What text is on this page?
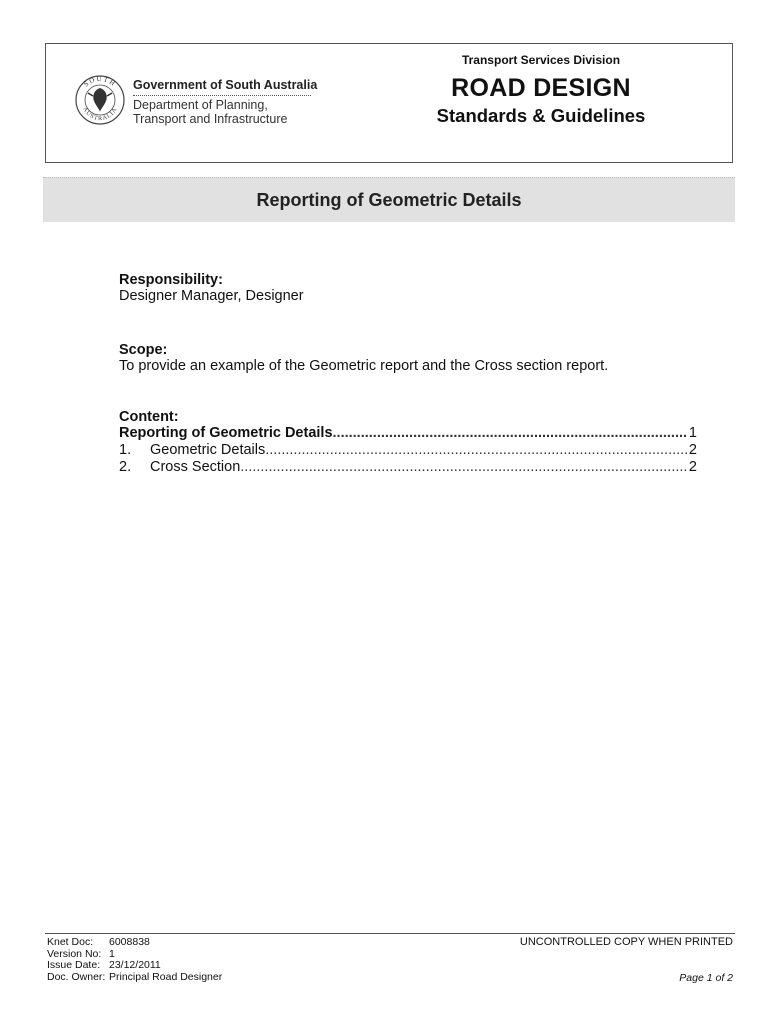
SOUTH
AUSTRALIA
Government of South Australia
Department of Planning,
Transport and Infrastructure
Transport Services Division
ROAD DESIGN
Standards & Guidelines
Reporting of Geometric Details
Responsibility:
Designer Manager, Designer
Scope:
To provide an example of the Geometric report and the Cross section report.
Content:
Reporting of Geometric Details .....	1
1.	Geometric Details .....	2
2.	Cross Section .....	2
Knet Doc:	6008838
Version No: 1
Issue Date: 23/12/2011
Doc. Owner: Principal Road Designer
UNCONTROLLED COPY WHEN PRINTED
Page 1 of 2
